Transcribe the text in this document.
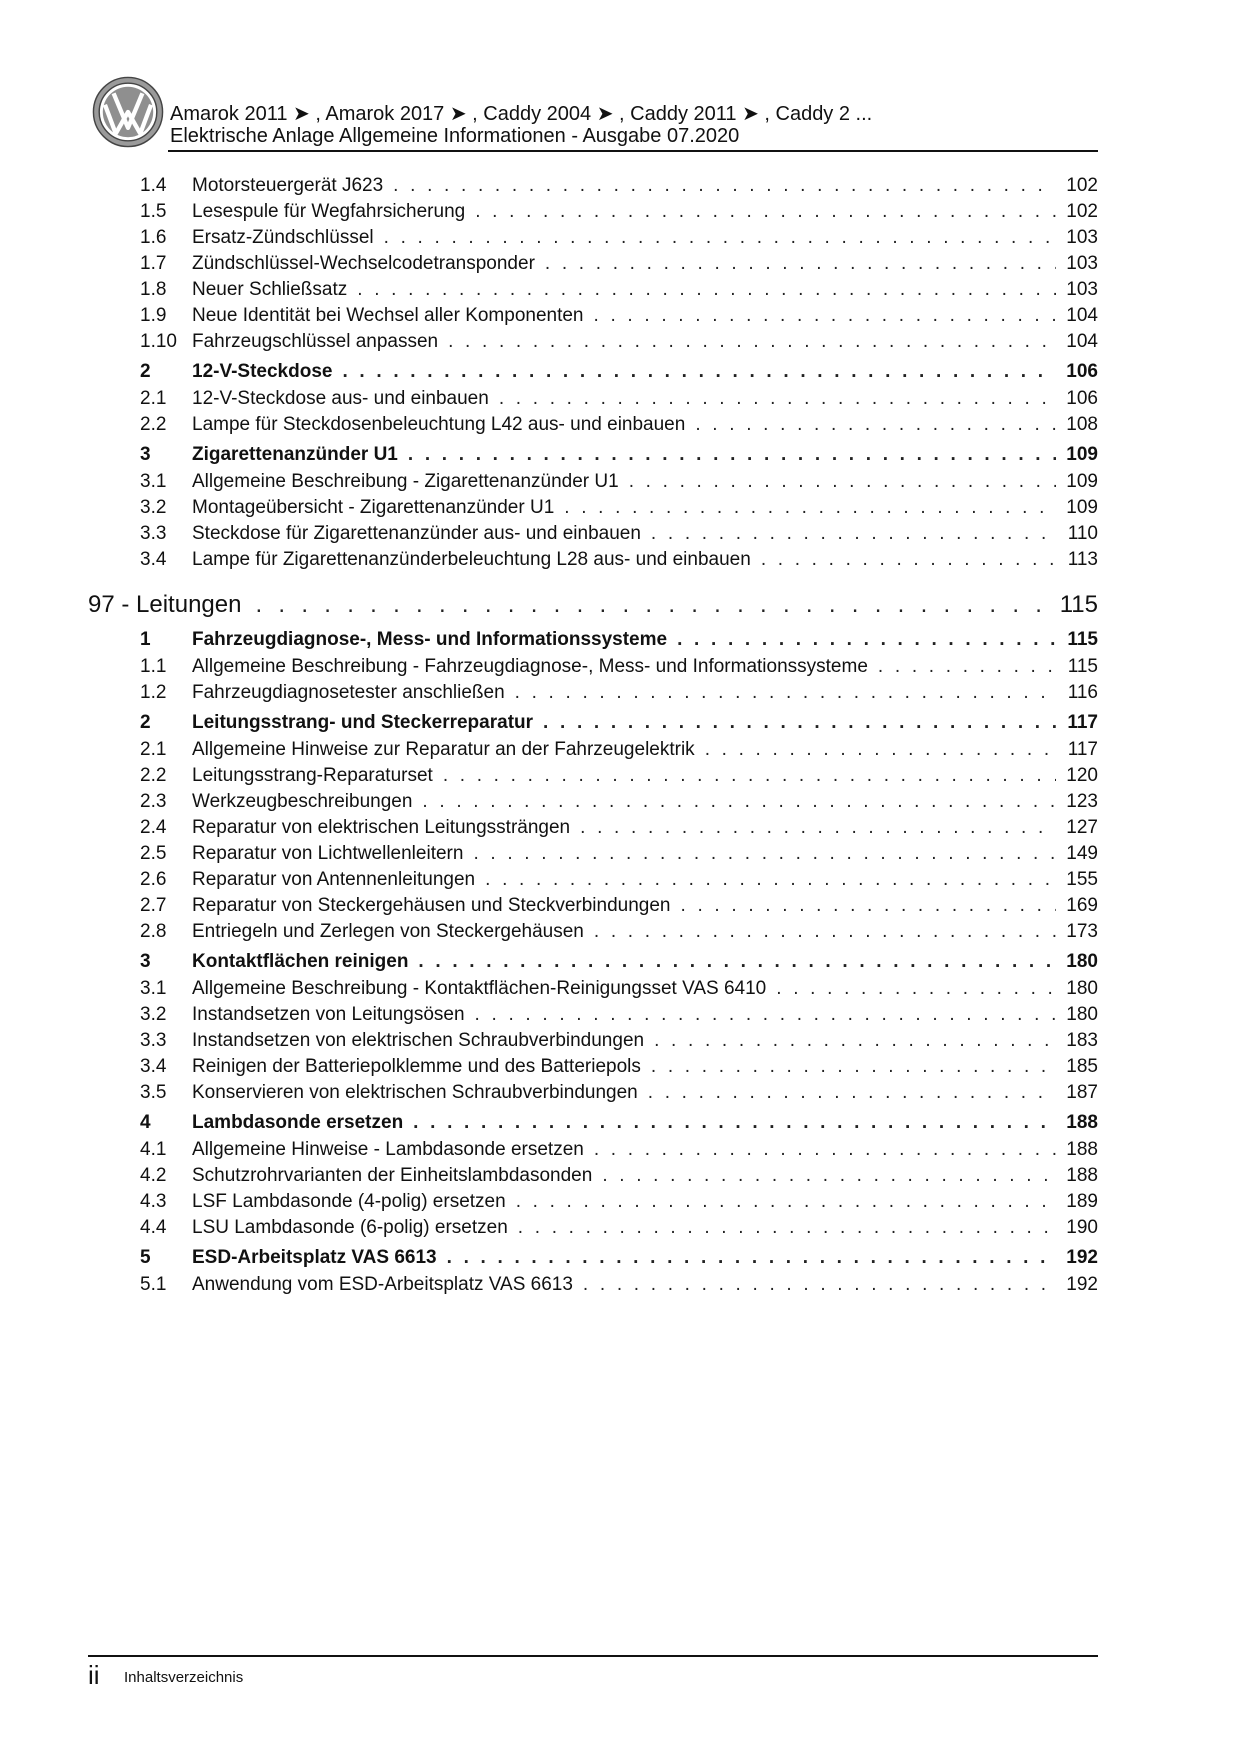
Amarok 2011 ➤ , Amarok 2017 ➤ , Caddy 2004 ➤ , Caddy 2011 ➤ , Caddy 2 ...
Elektrische Anlage Allgemeine Informationen - Ausgabe 07.2020
1.4	Motorsteuergerät J623 . . .	102
1.5	Lesespule für Wegfahrsicherung . . .	102
1.6	Ersatz-Zündschlüssel . . .	103
1.7	Zündschlüssel-Wechselcodetransponder . . .	103
1.8	Neuer Schließsatz . . .	103
1.9	Neue Identität bei Wechsel aller Komponenten . . .	104
1.10 Fahrzeugschlüssel anpassen . . .	104
2	12-V-Steckdose . . .	106
2.1	12-V-Steckdose aus- und einbauen . . .	106
2.2	Lampe für Steckdosenbeleuchtung L42 aus- und einbauen . . .	108
3	Zigarettenanzünder U1 . . .	109
3.1	Allgemeine Beschreibung - Zigarettenanzünder U1 . . .	109
3.2	Montageübersicht - Zigarettenanzünder U1 . . .	109
3.3	Steckdose für Zigarettenanzünder aus- und einbauen . . .	110
3.4	Lampe für Zigarettenanzünderbeleuchtung L28 aus- und einbauen . . .	113
97 - Leitungen . . .	115
1	Fahrzeugdiagnose-, Mess- und Informationssysteme . . .	115
1.1	Allgemeine Beschreibung - Fahrzeugdiagnose-, Mess- und Informationssysteme . . .	115
1.2	Fahrzeugdiagnosetester anschließen . . .	116
2	Leitungsstrang- und Steckerreparatur . . .	117
2.1	Allgemeine Hinweise zur Reparatur an der Fahrzeugelektrik . . .	117
2.2	Leitungsstrang-Reparaturset . . .	120
2.3	Werkzeugbeschreibungen . . .	123
2.4	Reparatur von elektrischen Leitungssträngen . . .	127
2.5	Reparatur von Lichtwellenleitern . . .	149
2.6	Reparatur von Antennenleitungen . . .	155
2.7	Reparatur von Steckergehäusen und Steckverbindungen . . .	169
2.8	Entriegeln und Zerlegen von Steckergehäusen . . .	173
3	Kontaktflächen reinigen . . .	180
3.1	Allgemeine Beschreibung - Kontaktflächen-Reinigungsset VAS 6410 . . .	180
3.2	Instandsetzen von Leitungsösen . . .	180
3.3	Instandsetzen von elektrischen Schraubverbindungen . . .	183
3.4	Reinigen der Batteriepolklemme und des Batteriepols . . .	185
3.5	Konservieren von elektrischen Schraubverbindungen . . .	187
4	Lambdasonde ersetzen . . .	188
4.1	Allgemeine Hinweise - Lambdasonde ersetzen . . .	188
4.2	Schutzrohrvarianten der Einheitslambdasonden . . .	188
4.3	LSF Lambdasonde (4-polig) ersetzen . . .	189
4.4	LSU Lambdasonde (6-polig) ersetzen . . .	190
5	ESD-Arbeitsplatz VAS 6613 . . .	192
5.1	Anwendung vom ESD-Arbeitsplatz VAS 6613 . . .	192
ii Inhaltsverzeichnis
